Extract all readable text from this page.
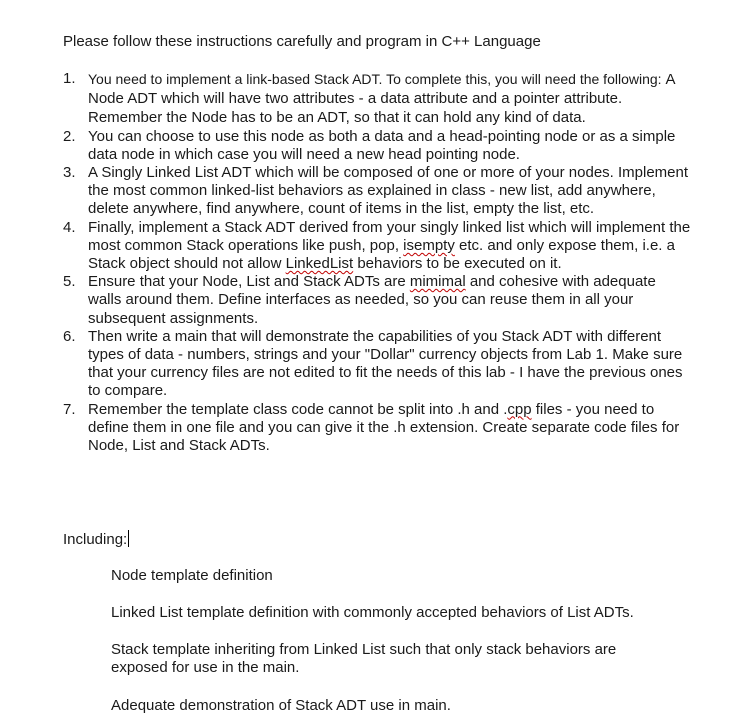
Please follow these instructions carefully and program in C++ Language

1. You need to implement a link-based Stack ADT. To complete this, you will need the following: A Node ADT which will have two attributes - a data attribute and a pointer attribute. Remember the Node has to be an ADT, so that it can hold any kind of data.
2. You can choose to use this node as both a data and a head-pointing node or as a simple data node in which case you will need a new head pointing node.
3. A Singly Linked List ADT which will be composed of one or more of your nodes. Implement the most common linked-list behaviors as explained in class - new list, add anywhere, delete anywhere, find anywhere, count of items in the list, empty the list, etc.
4. Finally, implement a Stack ADT derived from your singly linked list which will implement the most common Stack operations like push, pop, isempty etc. and only expose them, i.e. a Stack object should not allow LinkedList behaviors to be executed on it.
5. Ensure that your Node, List and Stack ADTs are mimimal and cohesive with adequate walls around them. Define interfaces as needed, so you can reuse them in all your subsequent assignments.
6. Then write a main that will demonstrate the capabilities of you Stack ADT with different types of data - numbers, strings and your "Dollar" currency objects from Lab 1. Make sure that your currency files are not edited to fit the needs of this lab - I have the previous ones to compare.
7. Remember the template class code cannot be split into .h and .cpp files - you need to define them in one file and you can give it the .h extension. Create separate code files for Node, List and Stack ADTs.

Including:

Node template definition

Linked List template definition with commonly accepted behaviors of List ADTs.

Stack template inheriting from Linked List such that only stack behaviors are exposed for use in the main.

Adequate demonstration of Stack ADT use in main.
